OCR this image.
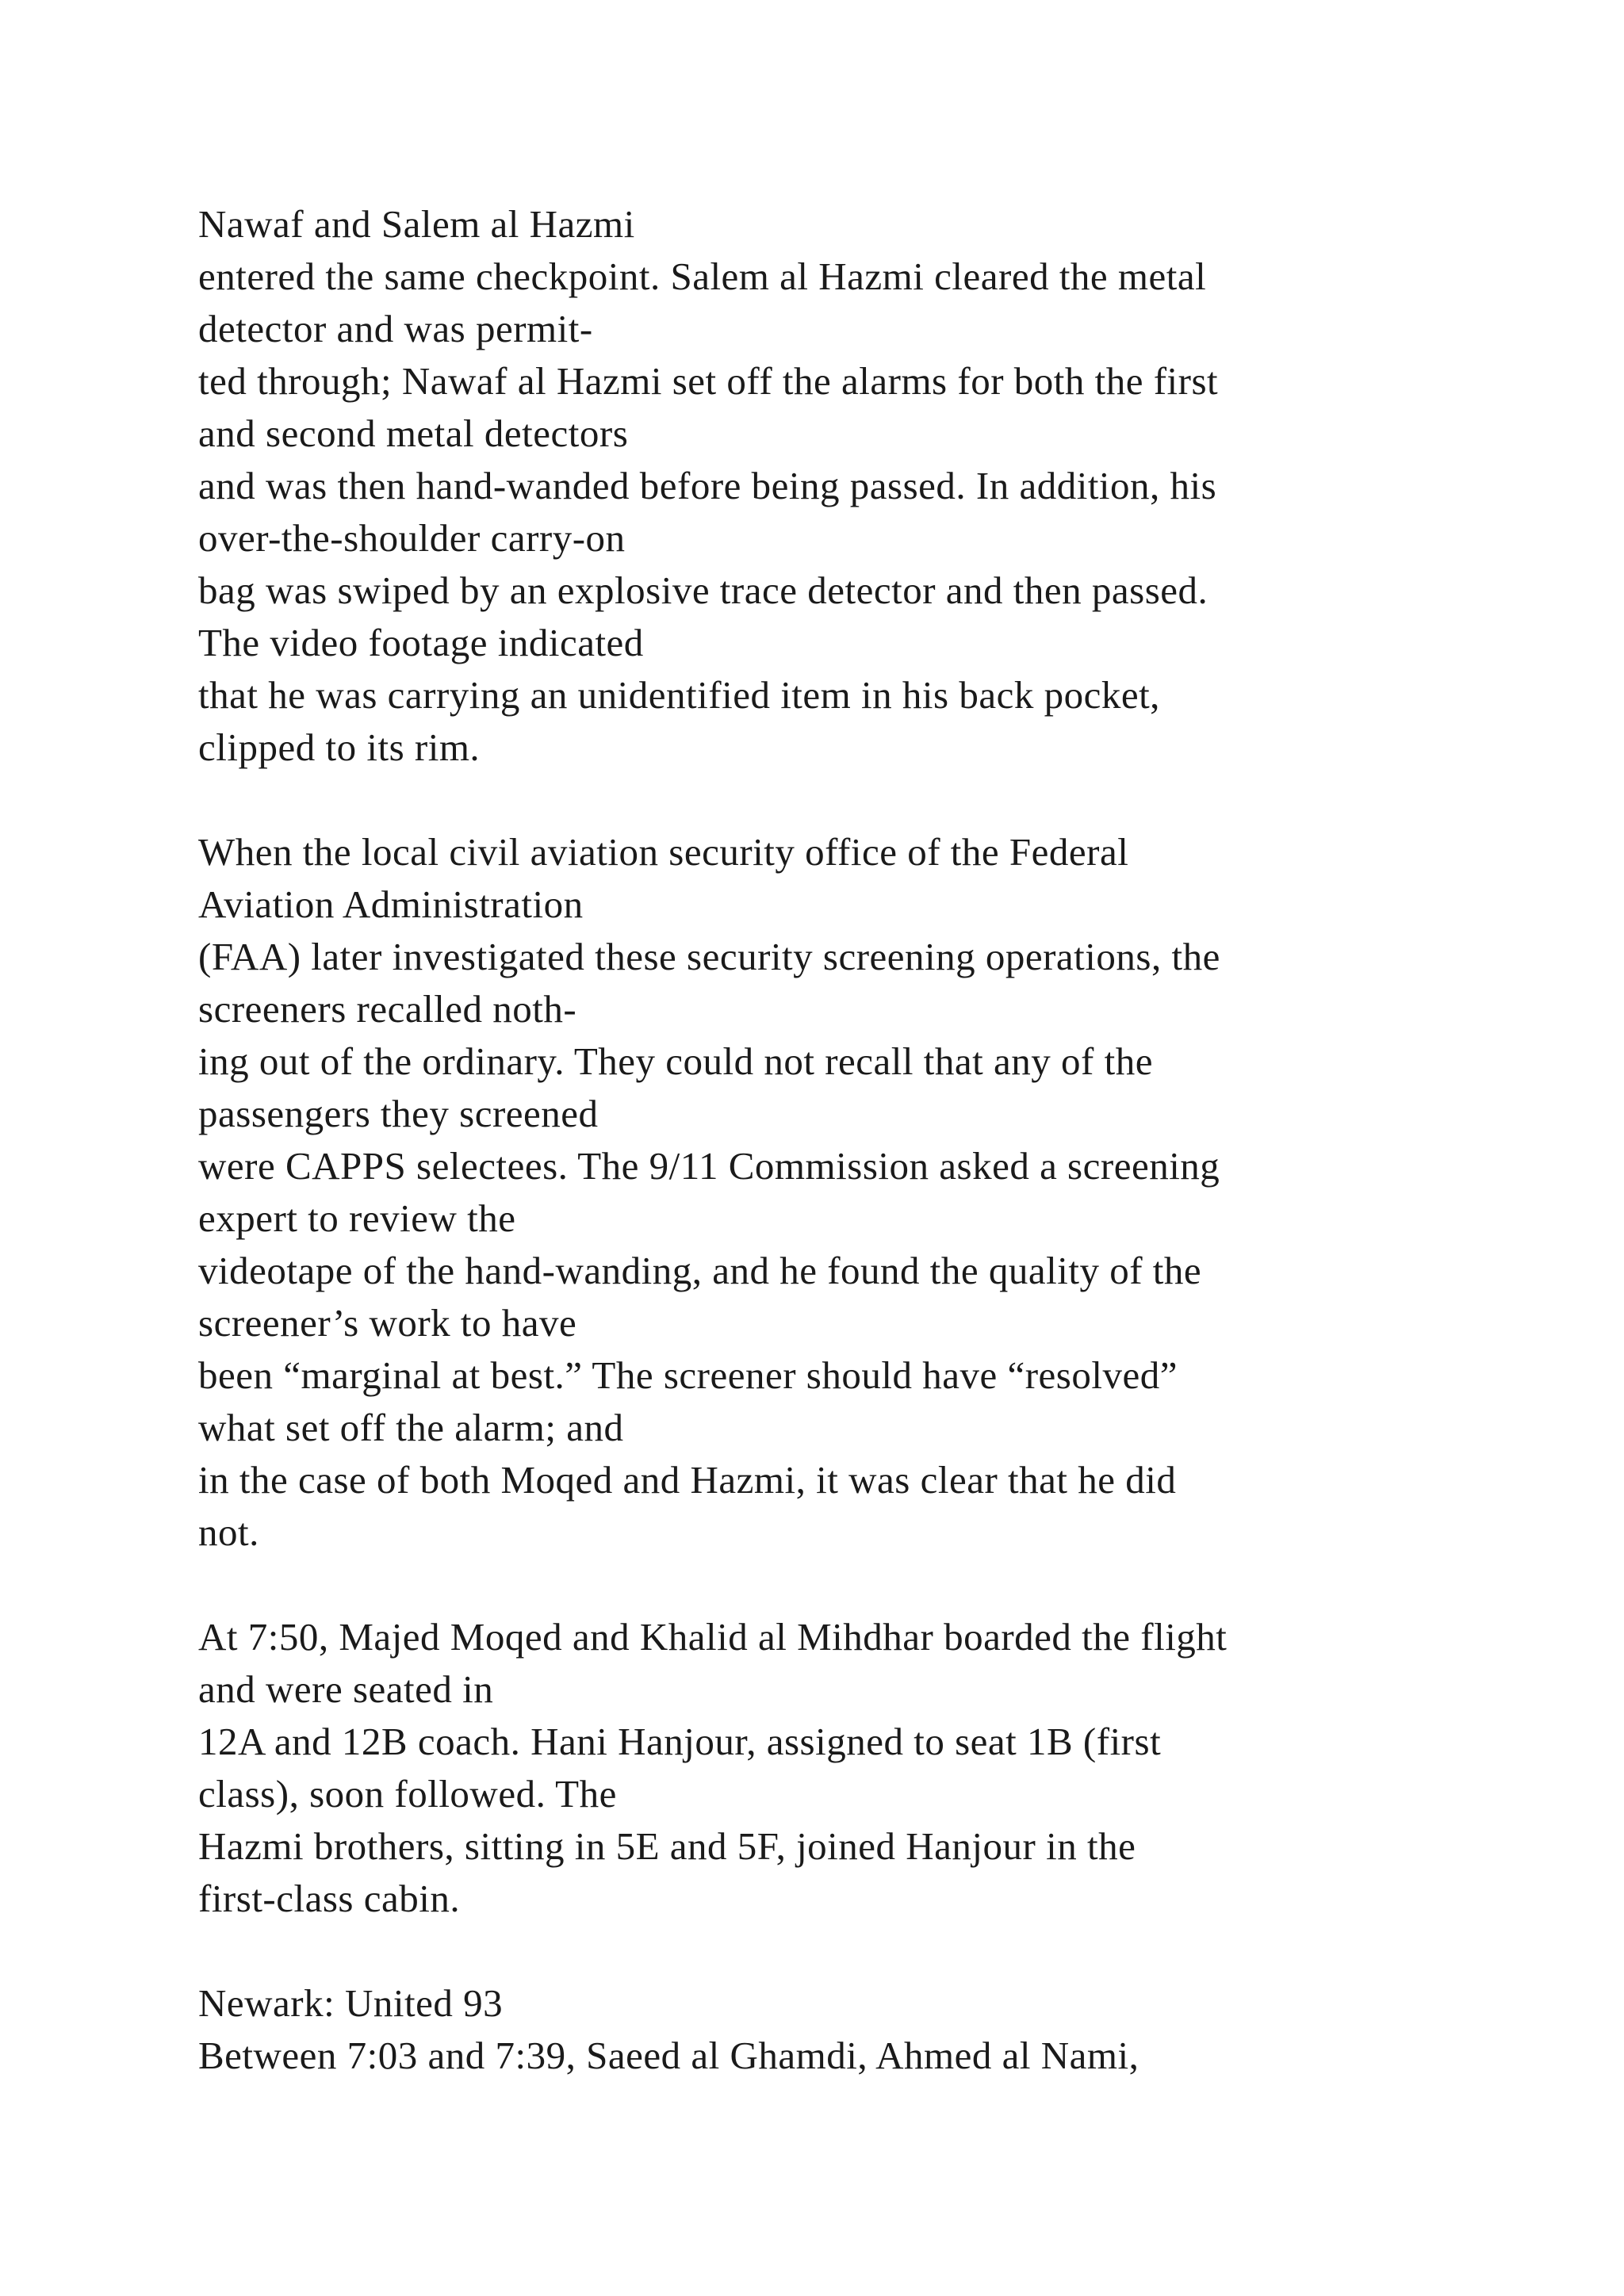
Nawaf and Salem al Hazmi
entered the same checkpoint. Salem al Hazmi cleared the metal
detector and was permit-
ted through; Nawaf al Hazmi set off the alarms for both the first
and second metal detectors
and was then hand-wanded before being passed. In addition, his
over-the-shoulder carry-on
bag was swiped by an explosive trace detector and then passed.
The video footage indicated
that he was carrying an unidentified item in his back pocket,
clipped to its rim.
When the local civil aviation security office of the Federal
Aviation Administration
(FAA) later investigated these security screening operations, the
screeners recalled noth-
ing out of the ordinary. They could not recall that any of the
passengers they screened
were CAPPS selectees. The 9/11 Commission asked a screening
expert to review the
videotape of the hand-wanding, and he found the quality of the
screener’s work to have
been “marginal at best.” The screener should have “resolved”
what set off the alarm; and
in the case of both Moqed and Hazmi, it was clear that he did
not.
At 7:50, Majed Moqed and Khalid al Mihdhar boarded the flight
and were seated in
12A and 12B coach. Hani Hanjour, assigned to seat 1B (first
class), soon followed. The
Hazmi brothers, sitting in 5E and 5F, joined Hanjour in the
first-class cabin.
Newark: United 93
Between 7:03 and 7:39, Saeed al Ghamdi, Ahmed al Nami,
